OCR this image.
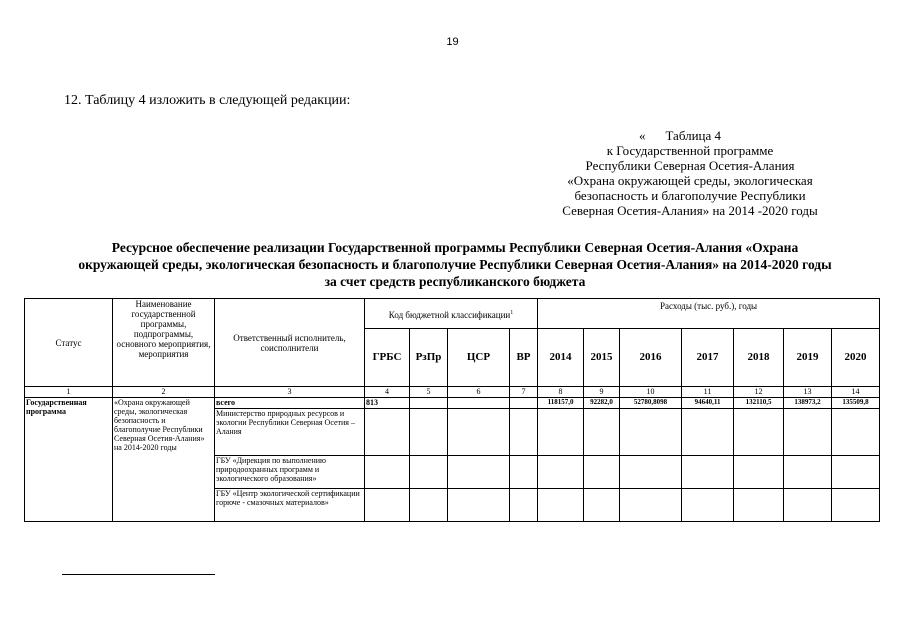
19
12. Таблицу 4 изложить в следующей редакции:
« Таблица 4
к Государственной программе
Республики Северная Осетия-Алания
«Охрана окружающей среды, экологическая
безопасность и благополучие Республики
Северная Осетия-Алания» на 2014 -2020 годы
Ресурсное обеспечение реализации Государственной программы Республики Северная Осетия-Алания «Охрана
окружающей среды, экологическая безопасность и благополучие Республики Северная Осетия-Алания» на 2014-2020 годы
за счет средств республиканского бюджета
Статус	Наименование государственной программы, подпрограммы, основного мероприятия, мероприятия	Ответственный исполнитель, соисполнители	Код бюджетной классификации$^1$				Расходы (тыс. руб.), годы						
			ГРБС	РзПр	ЦСР	ВР	2014	2015	2016	2017	2018	2019	2020
1	2	3	4	5	6	7	8	9	10	11	12	13	14
Государственная программа	«Охрана окружающей среды, экологическая безопасность и благополучие Республики Северная Осетия-Алания» на 2014-2020 годы	всего	813				118157,0	92282,0	52780,8098	94640,11	132110,5	138973,2	135509,8
		Министерство природных ресурсов и экологии Республики Северная Осетия – Алания											
		ГБУ «Дирекция по выполнению природоохранных программ и экологического образования»											
		ГБУ «Центр экологической сертификации горюче - смазочных материалов»											
